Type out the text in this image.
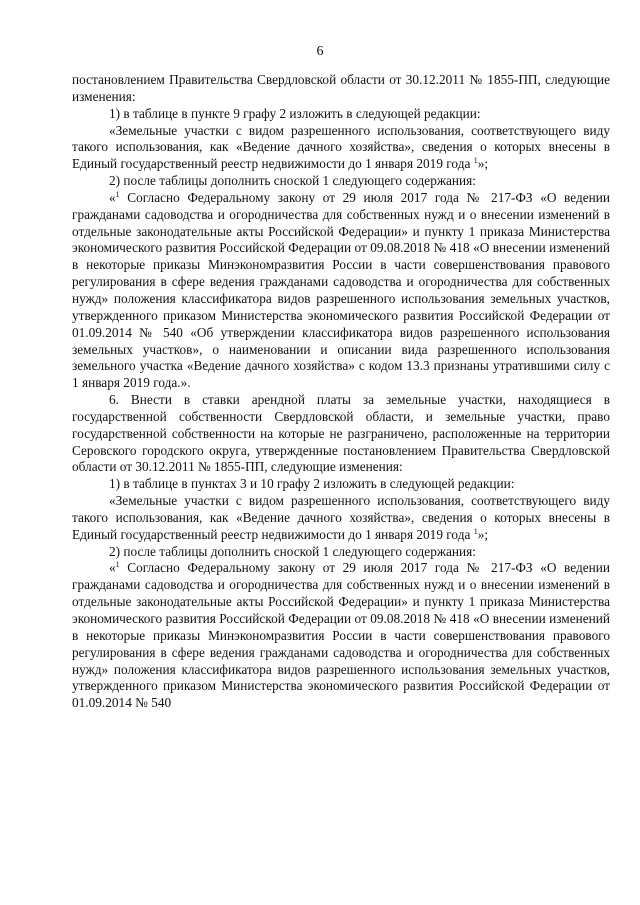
6
постановлением Правительства Свердловской области от 30.12.2011 № 1855-ПП, следующие изменения:
1) в таблице в пункте 9 графу 2 изложить в следующей редакции:
«Земельные участки с видом разрешенного использования, соответствующего виду такого использования, как «Ведение дачного хозяйства», сведения о которых внесены в Единый государственный реестр недвижимости до 1 января 2019 года $^1$»;
2) после таблицы дополнить сноской 1 следующего содержания:
«$^1$ Согласно Федеральному закону от 29 июля 2017 года № 217-ФЗ «О ведении гражданами садоводства и огородничества для собственных нужд и о внесении изменений в отдельные законодательные акты Российской Федерации» и пункту 1 приказа Министерства экономического развития Российской Федерации от 09.08.2018 № 418 «О внесении изменений в некоторые приказы Минэкономразвития России в части совершенствования правового регулирования в сфере ведения гражданами садоводства и огородничества для собственных нужд» положения классификатора видов разрешенного использования земельных участков, утвержденного приказом Министерства экономического развития Российской Федерации от 01.09.2014 № 540 «Об утверждении классификатора видов разрешенного использования земельных участков», о наименовании и описании вида разрешенного использования земельного участка «Ведение дачного хозяйства» с кодом 13.3 признаны утратившими силу с 1 января 2019 года.».
6. Внести в ставки арендной платы за земельные участки, находящиеся в государственной собственности Свердловской области, и земельные участки, право государственной собственности на которые не разграничено, расположенные на территории Серовского городского округа, утвержденные постановлением Правительства Свердловской области от 30.12.2011 № 1855-ПП, следующие изменения:
1) в таблице в пунктах 3 и 10 графу 2 изложить в следующей редакции:
«Земельные участки с видом разрешенного использования, соответствующего виду такого использования, как «Ведение дачного хозяйства», сведения о которых внесены в Единый государственный реестр недвижимости до 1 января 2019 года $^1$»;
2) после таблицы дополнить сноской 1 следующего содержания:
«$^1$ Согласно Федеральному закону от 29 июля 2017 года № 217-ФЗ «О ведении гражданами садоводства и огородничества для собственных нужд и о внесении изменений в отдельные законодательные акты Российской Федерации» и пункту 1 приказа Министерства экономического развития Российской Федерации от 09.08.2018 № 418 «О внесении изменений в некоторые приказы Минэкономразвития России в части совершенствования правового регулирования в сфере ведения гражданами садоводства и огородничества для собственных нужд» положения классификатора видов разрешенного использования земельных участков, утвержденного приказом Министерства экономического развития Российской Федерации от 01.09.2014 № 540
